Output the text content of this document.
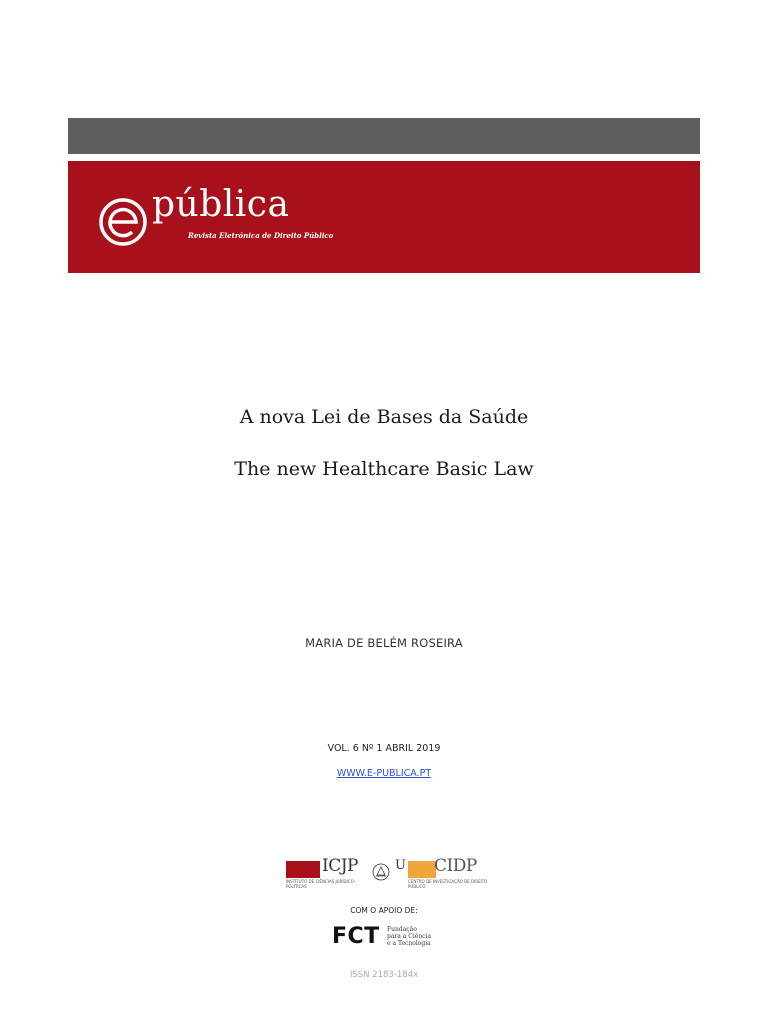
pública
Revista Eletrónica de Direito Público
A nova Lei de Bases da Saúde
The new Healthcare Basic Law
MARIA DE BELÉM ROSEIRA
VOL. 6 Nº 1 ABRIL 2019
WWW.E-PUBLICA.PT
ICJP
INSTITUTO DE CIÊNCIAS JURÍDICO-POLÍTICAS
U CIDP
CENTRO DE INVESTIGAÇÃO DE DIREITO PÚBLICO
COM O APOIO DE:
FCT Fundação
para a Ciência
e a Tecnologia
ISSN 2183-184x
